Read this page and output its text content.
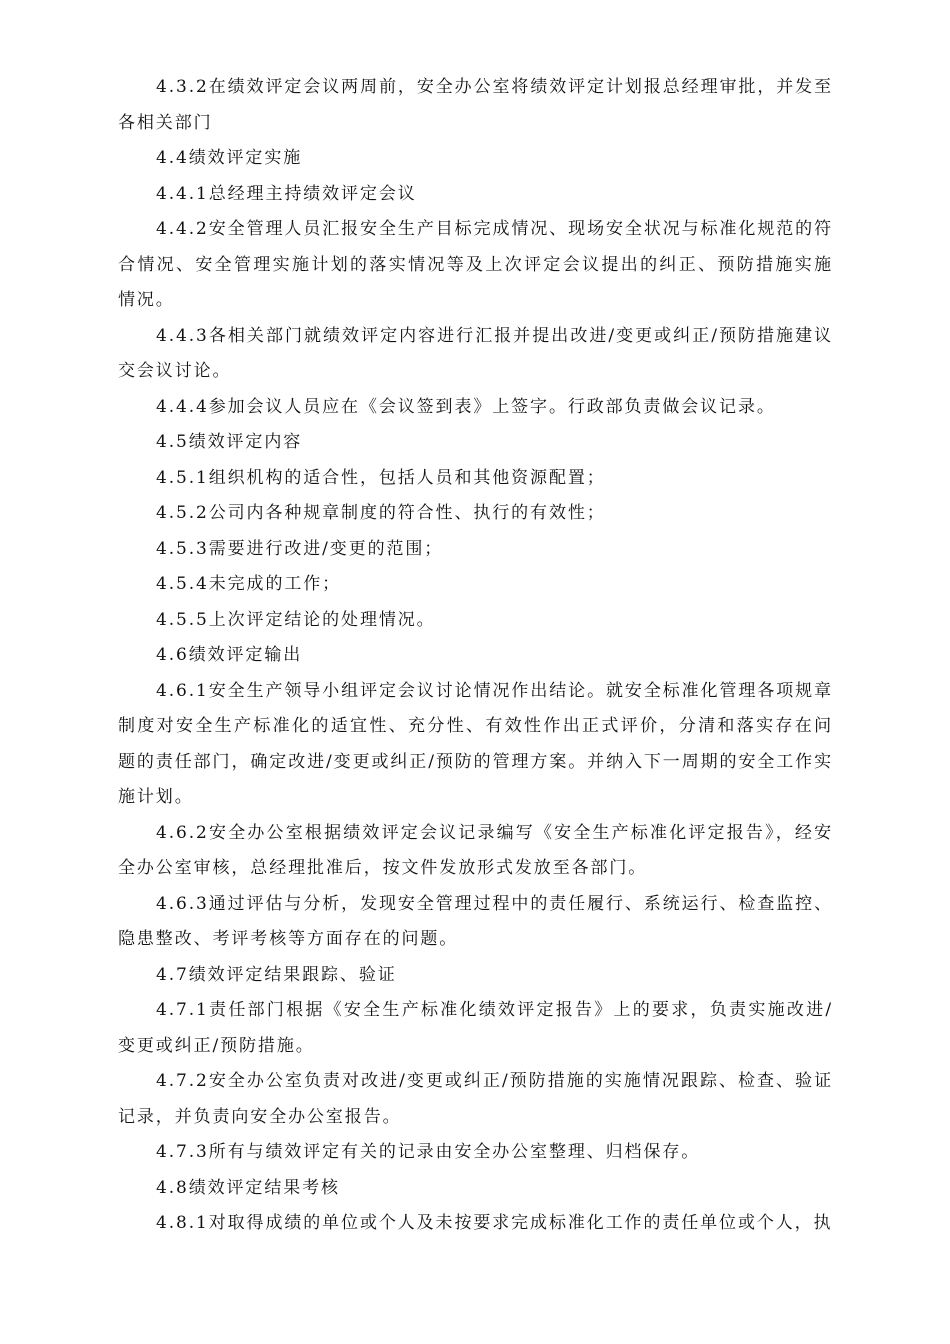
4.3.2在绩效评定会议两周前，安全办公室将绩效评定计划报总经理审批，并发至各相关部门

4.4绩效评定实施

4.4.1总经理主持绩效评定会议

4.4.2安全管理人员汇报安全生产目标完成情况、现场安全状况与标准化规范的符合情况、安全管理实施计划的落实情况等及上次评定会议提出的纠正、预防措施实施情况。

4.4.3各相关部门就绩效评定内容进行汇报并提出改进/变更或纠正/预防措施建议交会议讨论。

4.4.4参加会议人员应在《会议签到表》上签字。行政部负责做会议记录。

4.5绩效评定内容

4.5.1组织机构的适合性，包括人员和其他资源配置；

4.5.2公司内各种规章制度的符合性、执行的有效性；

4.5.3需要进行改进/变更的范围；

4.5.4未完成的工作；

4.5.5上次评定结论的处理情况。

4.6绩效评定输出

4.6.1安全生产领导小组评定会议讨论情况作出结论。就安全标准化管理各项规章制度对安全生产标准化的适宜性、充分性、有效性作出正式评价，分清和落实存在问题的责任部门，确定改进/变更或纠正/预防的管理方案。并纳入下一周期的安全工作实施计划。

4.6.2安全办公室根据绩效评定会议记录编写《安全生产标准化评定报告》，经安全办公室审核，总经理批准后，按文件发放形式发放至各部门。

4.6.3通过评估与分析，发现安全管理过程中的责任履行、系统运行、检查监控、隐患整改、考评考核等方面存在的问题。

4.7绩效评定结果跟踪、验证

4.7.1责任部门根据《安全生产标准化绩效评定报告》上的要求，负责实施改进/变更或纠正/预防措施。

4.7.2安全办公室负责对改进/变更或纠正/预防措施的实施情况跟踪、检查、验证记录，并负责向安全办公室报告。

4.7.3所有与绩效评定有关的记录由安全办公室整理、归档保存。

4.8绩效评定结果考核

4.8.1对取得成绩的单位或个人及未按要求完成标准化工作的责任单位或个人，执
